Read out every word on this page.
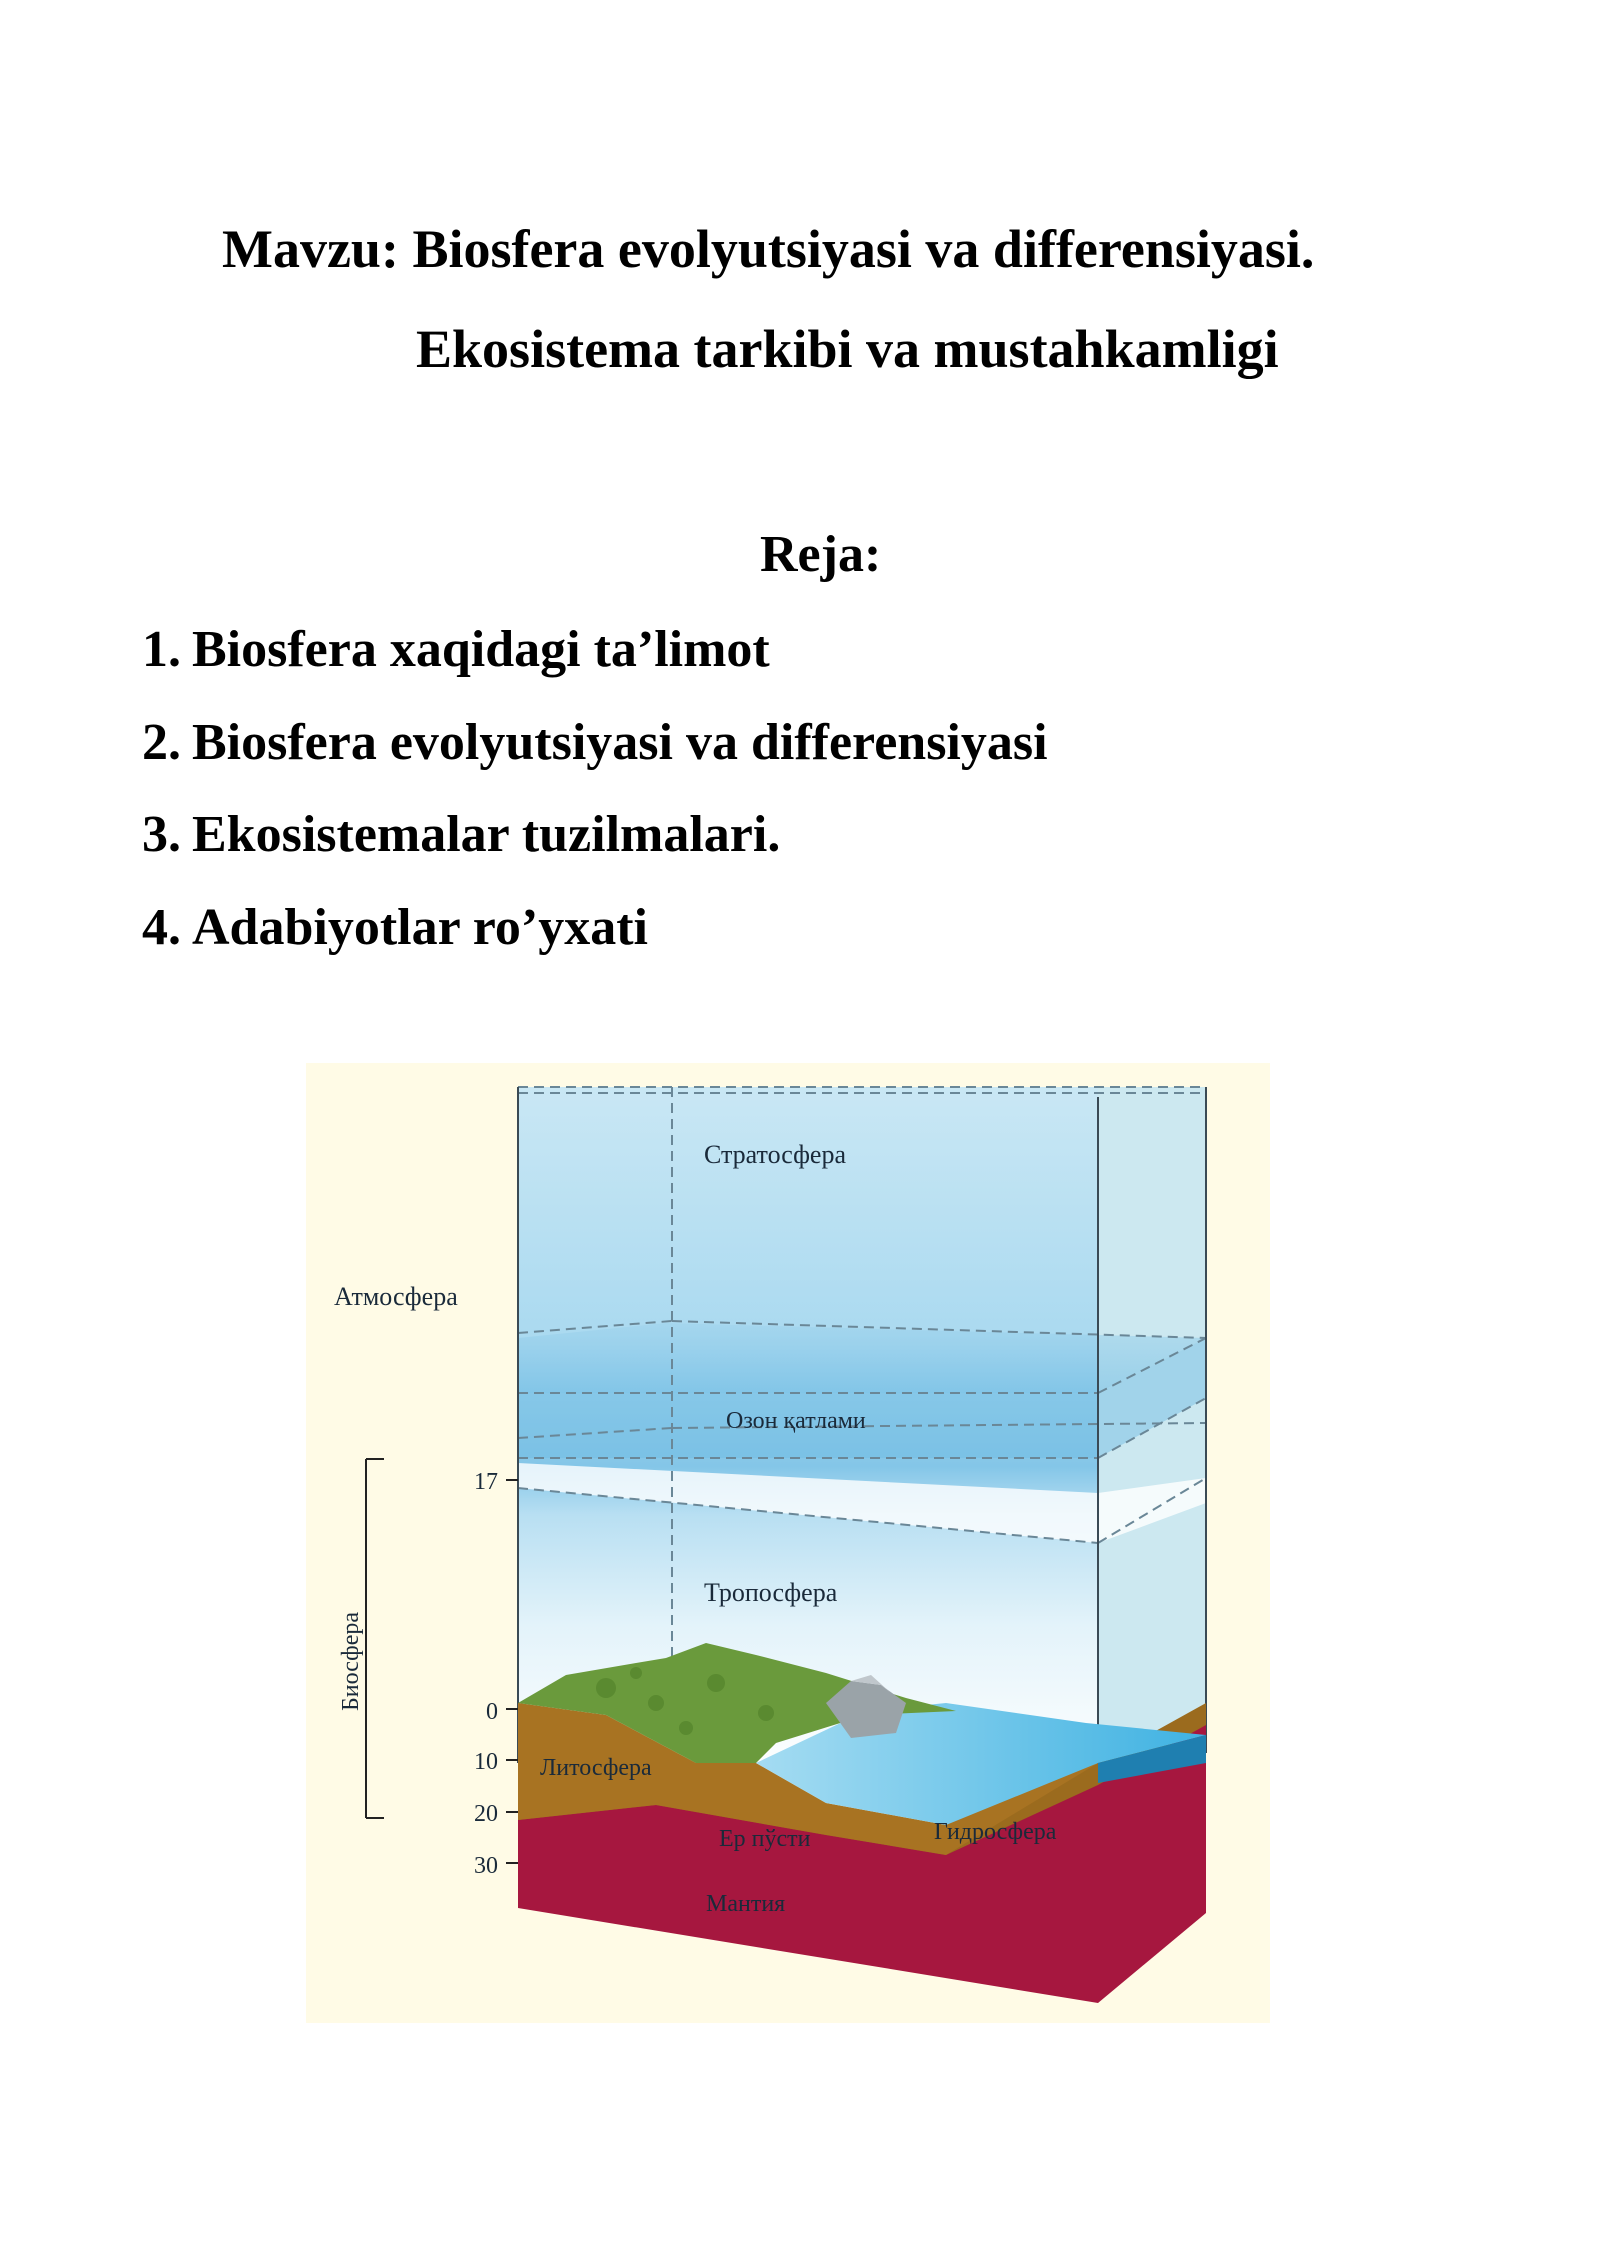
Mavzu: Biosfera evolyutsiyasi va differensiyasi.
Ekosistema tarkibi va mustahkamligi
Reja:
1. Biosfera xaqidagi ta’limot
2. Biosfera evolyutsiyasi va differensiyasi
3. Ekosistemalar tuzilmalari.
4. Adabiyotlar ro’yxati
Стратосфера
Атмосфера
Озон қатлами
Тропосфера
Литосфера
Ер пўсти	Гидросфера
Мантия
Биосфера
17
0
10
20
30
